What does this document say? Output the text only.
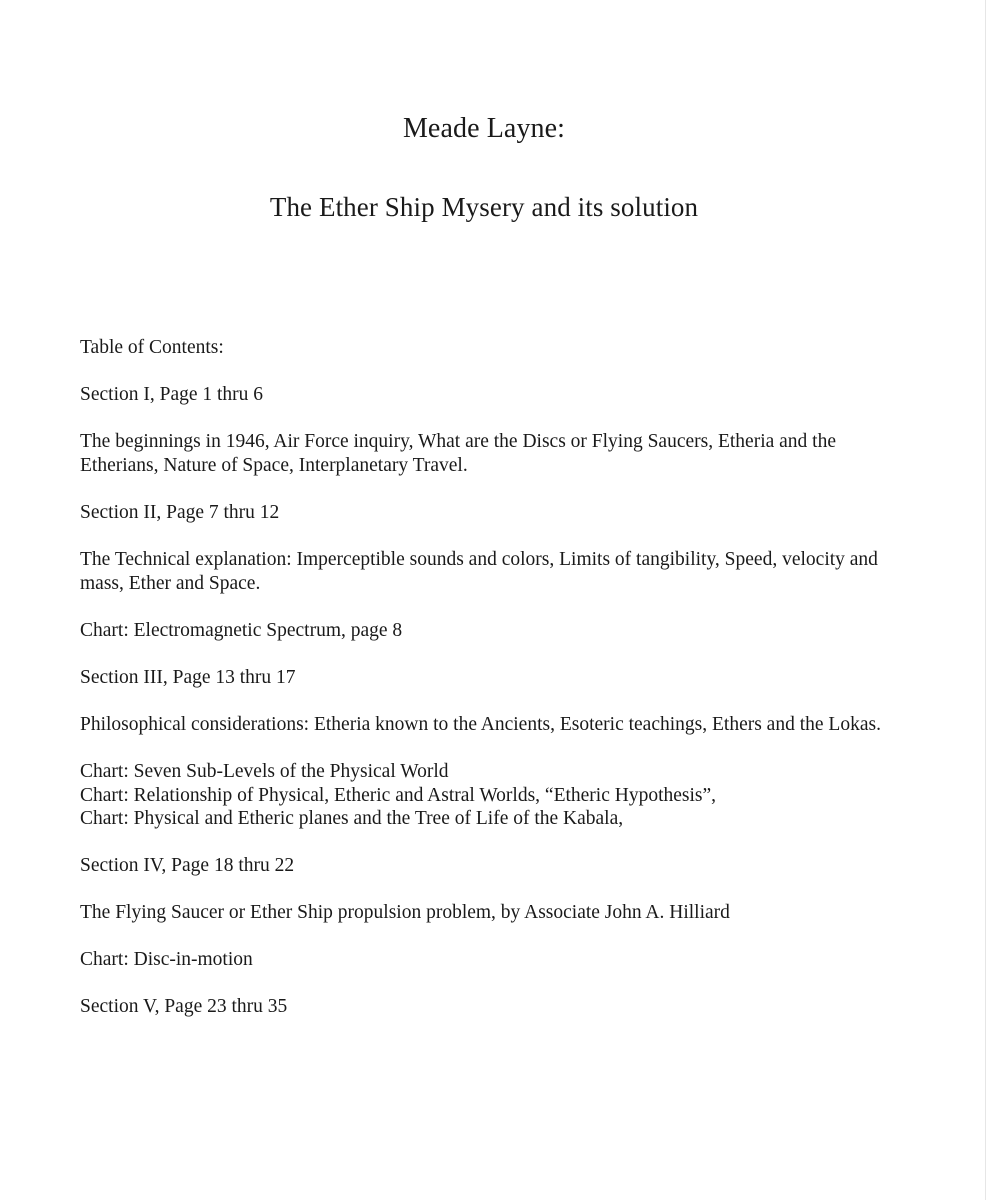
Meade Layne:
The Ether Ship Mysery and its solution

Table of Contents:

Section I, Page 1 thru 6

The beginnings in 1946, Air Force inquiry, What are the Discs or Flying Saucers, Etheria and the Etherians, Nature of Space, Interplanetary Travel.

Section II, Page 7 thru 12

The Technical explanation: Imperceptible sounds and colors, Limits of tangibility, Speed, velocity and mass, Ether and Space.

Chart: Electromagnetic Spectrum, page 8

Section III, Page 13 thru 17

Philosophical considerations: Etheria known to the Ancients, Esoteric teachings, Ethers and the Lokas.

Chart: Seven Sub-Levels of the Physical World

Chart: Relationship of Physical, Etheric and Astral Worlds, “Etheric Hypothesis”,

Chart: Physical and Etheric planes and the Tree of Life of the Kabala,

Section IV, Page 18 thru 22

The Flying Saucer or Ether Ship propulsion problem, by Associate John A. Hilliard

Chart: Disc-in-motion

Section V, Page 23 thru 35
